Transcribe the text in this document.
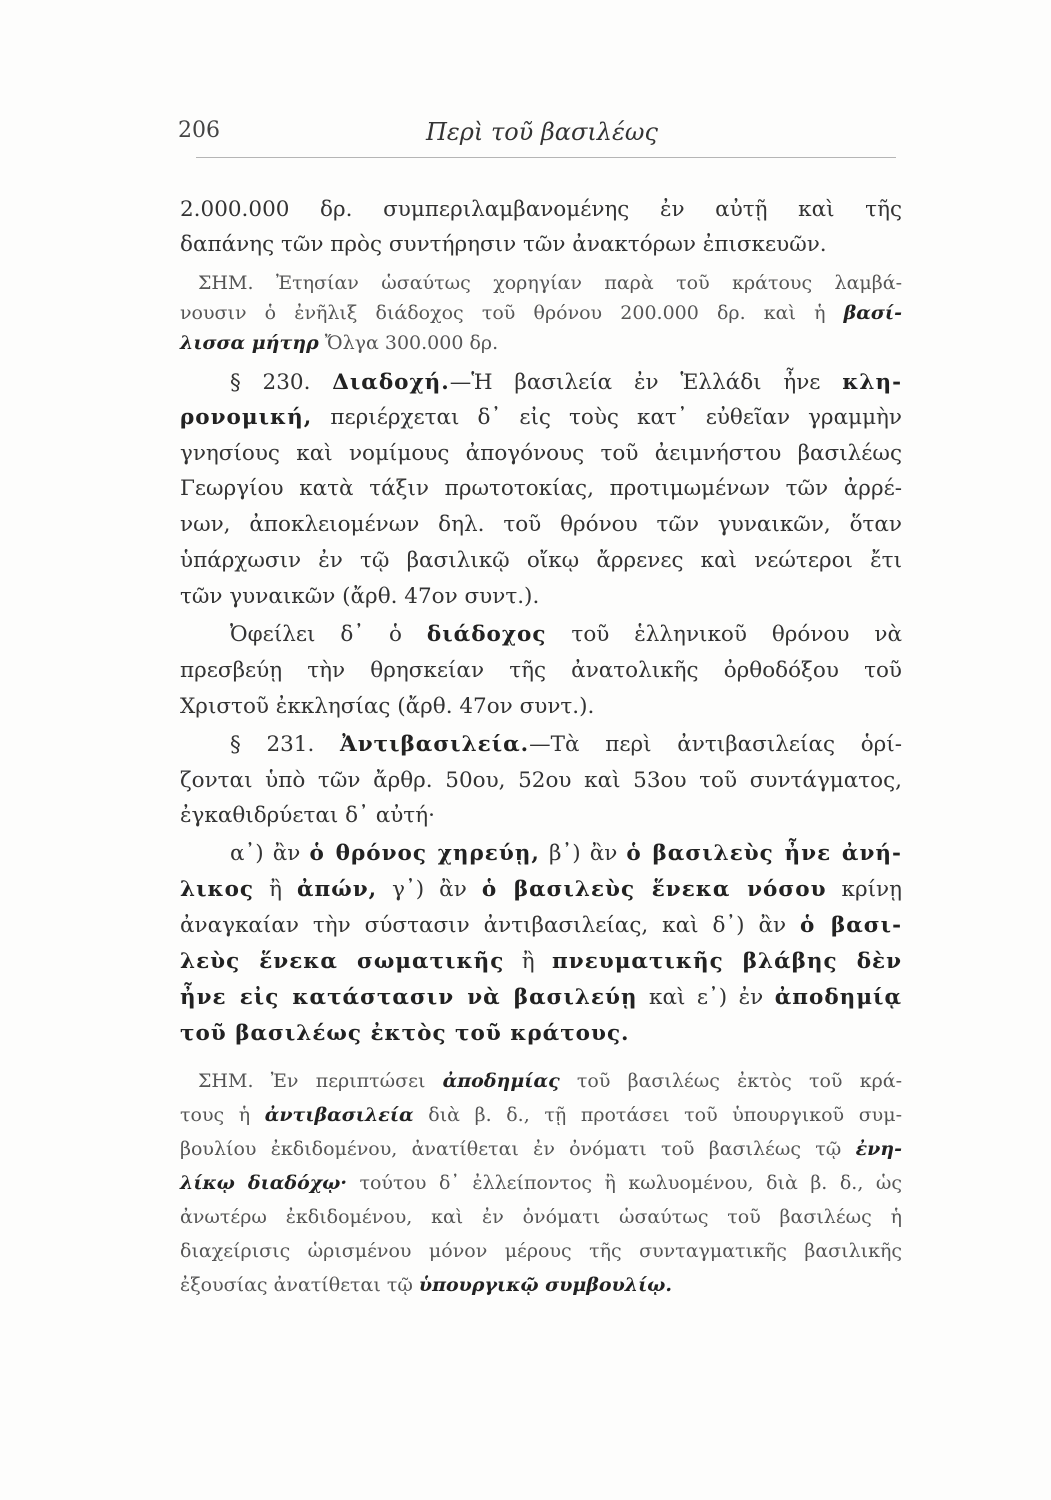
206	Περὶ τοῦ βασιλέως
2.000.000 δρ. συμπεριλαμβανομένης ἐν αὐτῇ καὶ τῆς
δαπάνης τῶν πρὸς συντήρησιν τῶν ἀνακτόρων ἐπισκευῶν.
ΣΗΜ. Ἐτησίαν ὡσαύτως χορηγίαν παρὰ τοῦ κράτους λαμβά-
νουσιν ὁ ἐνῆλιξ διάδοχος τοῦ θρόνου 200.000 δρ. καὶ ἡ βασί-
λισσα μήτηρ Ὄλγα 300.000 δρ.
§ 230. Διαδοχή.—Ἡ βασιλεία ἐν Ἑλλάδι ἦνε κλη-
ρονομική, περιέρχεται δ᾽ εἰς τοὺς κατ᾽ εὐθεῖαν γραμμὴν
γνησίους καὶ νομίμους ἀπογόνους τοῦ ἀειμνήστου βασιλέως
Γεωργίου κατὰ τάξιν πρωτοτοκίας, προτιμωμένων τῶν ἀρρέ-
νων, ἀποκλειομένων δηλ. τοῦ θρόνου τῶν γυναικῶν, ὅταν
ὑπάρχωσιν ἐν τῷ βασιλικῷ οἴκῳ ἄρρενες καὶ νεώτεροι ἔτι
τῶν γυναικῶν (ἄρθ. 47ον συντ.).
Ὀφείλει δ᾽ ὁ διάδοχος τοῦ ἑλληνικοῦ θρόνου νὰ
πρεσβεύῃ τὴν θρησκείαν τῆς ἀνατολικῆς ὀρθοδόξου τοῦ
Χριστοῦ ἐκκλησίας (ἄρθ. 47ον συντ.).
§ 231. Ἀντιβασιλεία.—Τὰ περὶ ἀντιβασιλείας ὁρί-
ζονται ὑπὸ τῶν ἄρθρ. 50ου, 52ου καὶ 53ου τοῦ συντάγματος,
ἐγκαθιδρύεται δ᾽ αὐτή·
α᾽) ἂν ὁ θρόνος χηρεύῃ, β᾽) ἂν ὁ βασιλεὺς ἦνε ἀνή-
λικος ἢ ἀπών, γ᾽) ἂν ὁ βασιλεὺς ἕνεκα νόσου κρίνῃ
ἀναγκαίαν τὴν σύστασιν ἀντιβασιλείας, καὶ δ᾽) ἂν ὁ βασι-
λεὺς ἕνεκα σωματικῆς ἢ πνευματικῆς βλάβης δὲν
ἦνε εἰς κατάστασιν νὰ βασιλεύῃ καὶ ε᾽) ἐν ἀποδημίᾳ
τοῦ βασιλέως ἐκτὸς τοῦ κράτους.
ΣΗΜ. Ἐν περιπτώσει ἀποδημίας τοῦ βασιλέως ἐκτὸς τοῦ κρά-
τους ἡ ἀντιβασιλεία διὰ β. δ., τῇ προτάσει τοῦ ὑπουργικοῦ συμ-
βουλίου ἐκδιδομένου, ἀνατίθεται ἐν ὀνόματι τοῦ βασιλέως τῷ ἐνη-
λίκῳ διαδόχῳ· τούτου δ᾽ ἐλλείποντος ἢ κωλυομένου, διὰ β. δ., ὡς
ἀνωτέρω ἐκδιδομένου, καὶ ἐν ὀνόματι ὡσαύτως τοῦ βασιλέως ἡ
διαχείρισις ὡρισμένου μόνον μέρους τῆς συνταγματικῆς βασιλικῆς
ἐξουσίας ἀνατίθεται τῷ ὑπουργικῷ συμβουλίῳ.
